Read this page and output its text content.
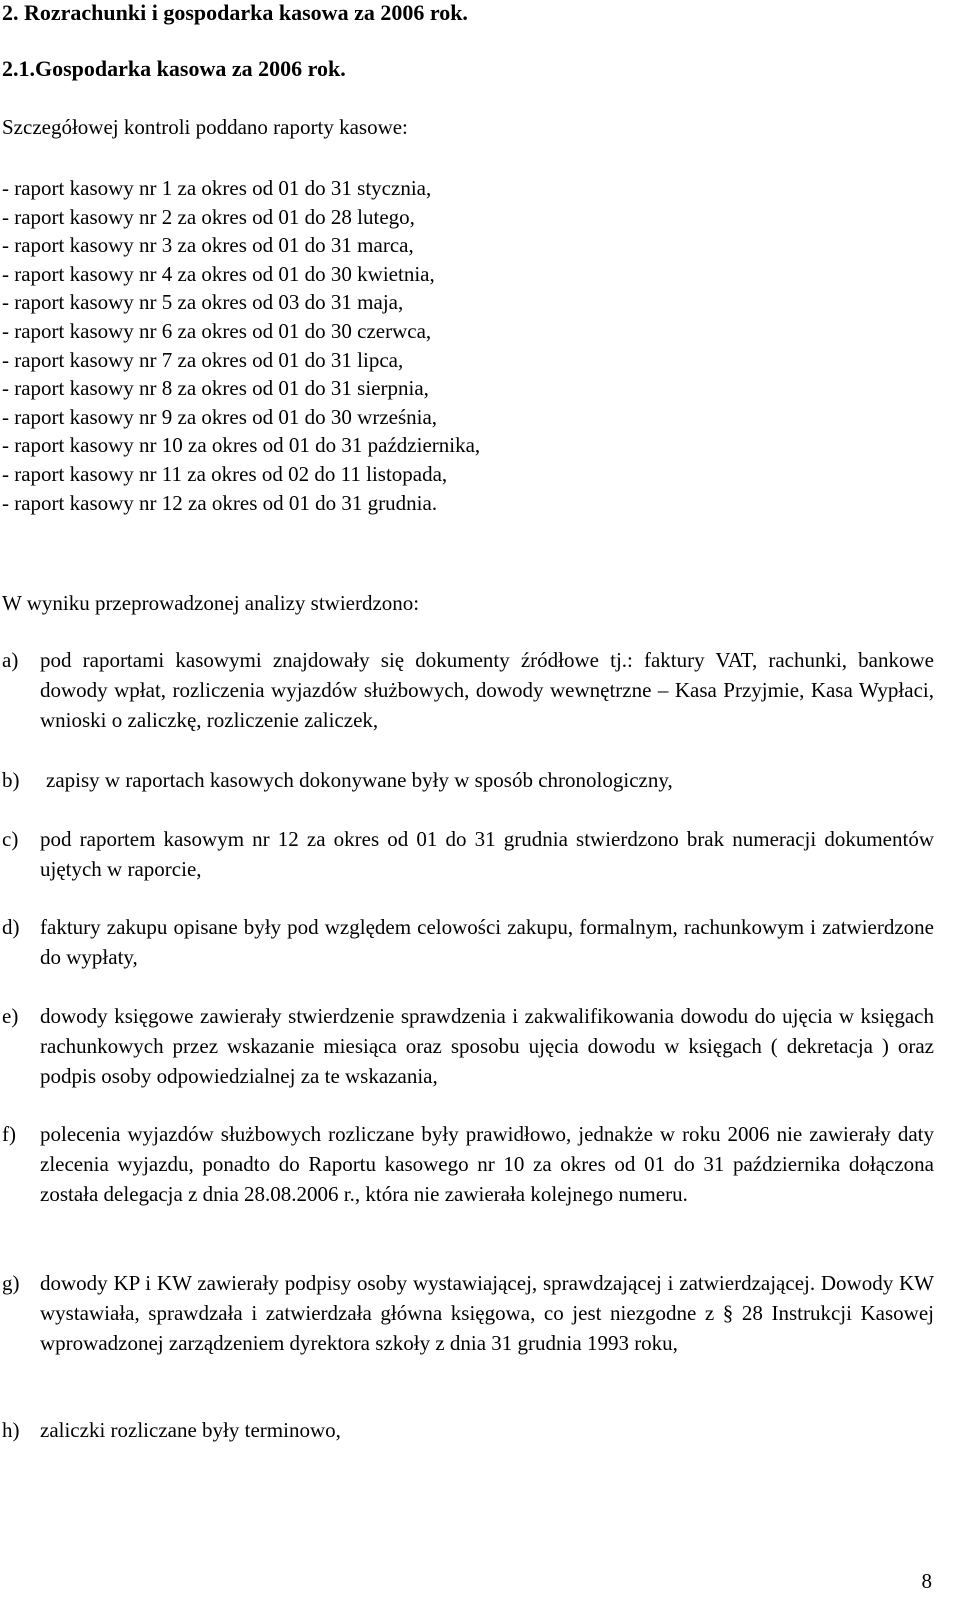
2. Rozrachunki i gospodarka kasowa za 2006 rok.
2.1.Gospodarka kasowa za 2006 rok.
Szczegółowej kontroli poddano raporty kasowe:
- raport kasowy nr 1 za okres od 01 do 31 stycznia,
- raport kasowy nr 2 za okres od 01 do 28 lutego,
- raport kasowy nr 3 za okres od 01 do 31 marca,
- raport kasowy nr 4 za okres od 01 do 30 kwietnia,
- raport kasowy nr 5 za okres od 03 do 31 maja,
- raport kasowy nr 6 za okres od 01 do 30 czerwca,
- raport kasowy nr 7 za okres od 01 do 31 lipca,
- raport kasowy nr 8 za okres od 01 do 31 sierpnia,
- raport kasowy nr 9 za okres od 01 do 30 września,
- raport kasowy nr 10 za okres od 01 do 31 października,
- raport kasowy nr 11 za okres od 02 do 11 listopada,
- raport kasowy nr 12 za okres od 01 do 31 grudnia.
W wyniku przeprowadzonej analizy stwierdzono:
a) pod raportami kasowymi znajdowały się dokumenty źródłowe tj.: faktury VAT, rachunki, bankowe dowody wpłat, rozliczenia wyjazdów służbowych, dowody wewnętrzne – Kasa Przyjmie, Kasa Wypłaci, wnioski o zaliczkę, rozliczenie zaliczek,
b) zapisy w raportach kasowych dokonywane były w sposób chronologiczny,
c) pod raportem kasowym nr 12 za okres od 01 do 31 grudnia stwierdzono brak numeracji dokumentów ujętych w raporcie,
d) faktury zakupu opisane były pod względem celowości zakupu, formalnym, rachunkowym i zatwierdzone do wypłaty,
e) dowody księgowe zawierały stwierdzenie sprawdzenia i zakwalifikowania dowodu do ujęcia w księgach rachunkowych przez wskazanie miesiąca oraz sposobu ujęcia dowodu w księgach ( dekretacja ) oraz podpis osoby odpowiedzialnej za te wskazania,
f) polecenia wyjazdów służbowych rozliczane były prawidłowo, jednakże w roku 2006 nie zawierały daty zlecenia wyjazdu, ponadto do Raportu kasowego nr 10 za okres od 01 do 31 października dołączona została delegacja z dnia 28.08.2006 r., która nie zawierała kolejnego numeru.
g) dowody KP i KW zawierały podpisy osoby wystawiającej, sprawdzającej i zatwierdzającej. Dowody KW wystawiała, sprawdzała i zatwierdzała główna księgowa, co jest niezgodne z § 28 Instrukcji Kasowej wprowadzonej zarządzeniem dyrektora szkoły z dnia 31 grudnia 1993 roku,
h) zaliczki rozliczane były terminowo,
8
